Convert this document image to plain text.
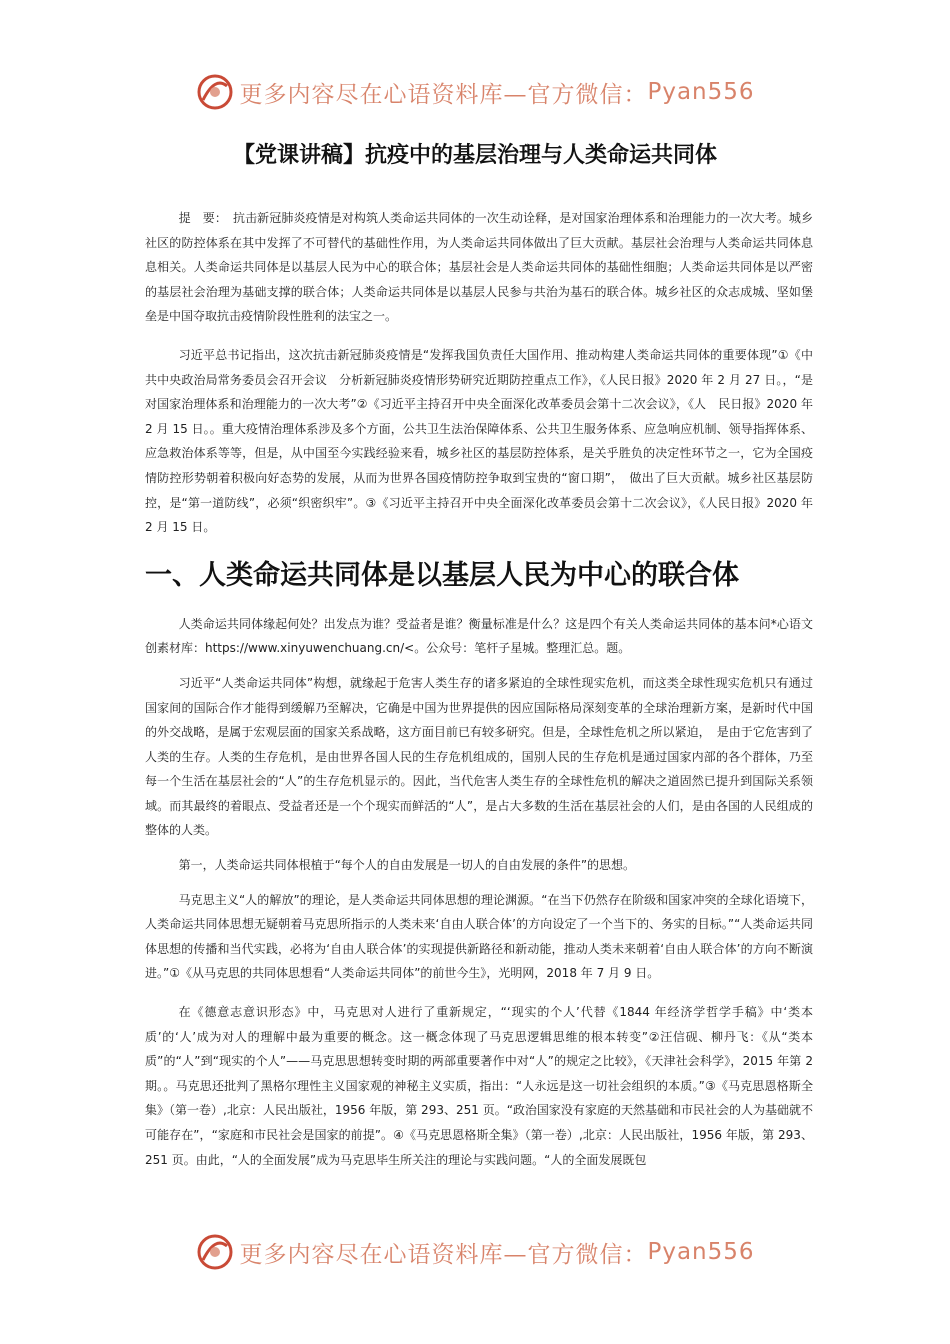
更多内容尽在心语资料库—官方微信： Pyan556
【党课讲稿】抗疫中的基层治理与人类命运共同体

提　要：　抗击新冠肺炎疫情是对构筑人类命运共同体的一次生动诠释，是对国家治理体系和治理能力的一次大考。城乡社区的防控体系在其中发挥了不可替代的基础性作用，为人类命运共同体做出了巨大贡献。基层社会治理与人类命运共同体息息相关。人类命运共同体是以基层人民为中心的联合体；基层社会是人类命运共同体的基础性细胞；人类命运共同体是以严密的基层社会治理为基础支撑的联合体；人类命运共同体是以基层人民参与共治为基石的联合体。城乡社区的众志成城、坚如堡垒是中国夺取抗击疫情阶段性胜利的法宝之一。

习近平总书记指出，这次抗击新冠肺炎疫情是“发挥我国负责任大国作用、推动构建人类命运共同体的重要体现”①《中共中央政治局常务委员会召开会议　分析新冠肺炎疫情形势研究近期防控重点工作》，《人民日报》2020 年 2 月 27 日。，“是对国家治理体系和治理能力的一次大考”②《习近平主持召开中央全面深化改革委员会第十二次会议》，《人　民日报》2020 年 2 月 15 日。。重大疫情治理体系涉及多个方面，公共卫生法治保障体系、公共卫生服务体系、应急响应机制、领导指挥体系、应急救治体系等等，但是，从中国至今实践经验来看，城乡社区的基层防控体系，是关乎胜负的决定性环节之一，它为全国疫情防控形势朝着积极向好态势的发展，从而为世界各国疫情防控争取到宝贵的“窗口期”，　做出了巨大贡献。城乡社区基层防控，是“第一道防线”，必须“织密织牢”。③《习近平主持召开中央全面深化改革委员会第十二次会议》，《人民日报》2020 年 2 月 15 日。

一、人类命运共同体是以基层人民为中心的联合体

人类命运共同体缘起何处？出发点为谁？受益者是谁？衡量标准是什么？这是四个有关人类命运共同体的基本问*心语文创素材库：https://www.xinyuwenchuang.cn/<。公众号：笔杆子星城。整理汇总。题。

习近平“人类命运共同体”构想，就缘起于危害人类生存的诸多紧迫的全球性现实危机，而这类全球性现实危机只有通过国家间的国际合作才能得到缓解乃至解决，它确是中国为世界提供的因应国际格局深刻变革的全球治理新方案，是新时代中国的外交战略，是属于宏观层面的国家关系战略，这方面目前已有较多研究。但是，全球性危机之所以紧迫，　是由于它危害到了人类的生存。人类的生存危机，是由世界各国人民的生存危机组成的，国别人民的生存危机是通过国家内部的各个群体，乃至每一个生活在基层社会的“人”的生存危机显示的。因此，当代危害人类生存的全球性危机的解决之道固然已提升到国际关系领域。而其最终的着眼点、受益者还是一个个现实而鲜活的“人”，是占大多数的生活在基层社会的人们，是由各国的人民组成的整体的人类。

第一，人类命运共同体根植于“每个人的自由发展是一切人的自由发展的条件”的思想。

马克思主义“人的解放”的理论，是人类命运共同体思想的理论渊源。“在当下仍然存在阶级和国家冲突的全球化语境下，人类命运共同体思想无疑朝着马克思所指示的人类未来‘自由人联合体’的方向设定了一个当下的、务实的目标。”“人类命运共同体思想的传播和当代实践，必将为‘自由人联合体’的实现提供新路径和新动能，推动人类未来朝着‘自由人联合体’的方向不断演进。”①《从马克思的共同体思想看“人类命运共同体”的前世今生》，光明网，2018 年 7 月 9 日。

在《德意志意识形态》中，马克思对人进行了重新规定，“‘现实的个人’代替《1844 年经济学哲学手稿》中‘类本质’的‘人’成为对人的理解中最为重要的概念。这一概念体现了马克思逻辑思维的根本转变”②汪信砚、柳丹飞：《从“类本质”的“人”到“现实的个人”——马克思思想转变时期的两部重要著作中对“人”的规定之比较》，《天津社会科学》，2015 年第 2 期。。马克思还批判了黑格尔理性主义国家观的神秘主义实质，指出：“人永远是这一切社会组织的本质。”③《马克思恩格斯全集》（第一卷）,北京：人民出版社，1956 年版，第 293、251 页。“政治国家没有家庭的天然基础和市民社会的人为基础就不可能存在”，“家庭和市民社会是国家的前提”。④《马克思恩格斯全集》（第一卷）,北京：人民出版社，1956 年版，第 293、251 页。由此，“人的全面发展”成为马克思毕生所关注的理论与实践问题。“人的全面发展既包

更多内容尽在心语资料库—官方微信： Pyan556
